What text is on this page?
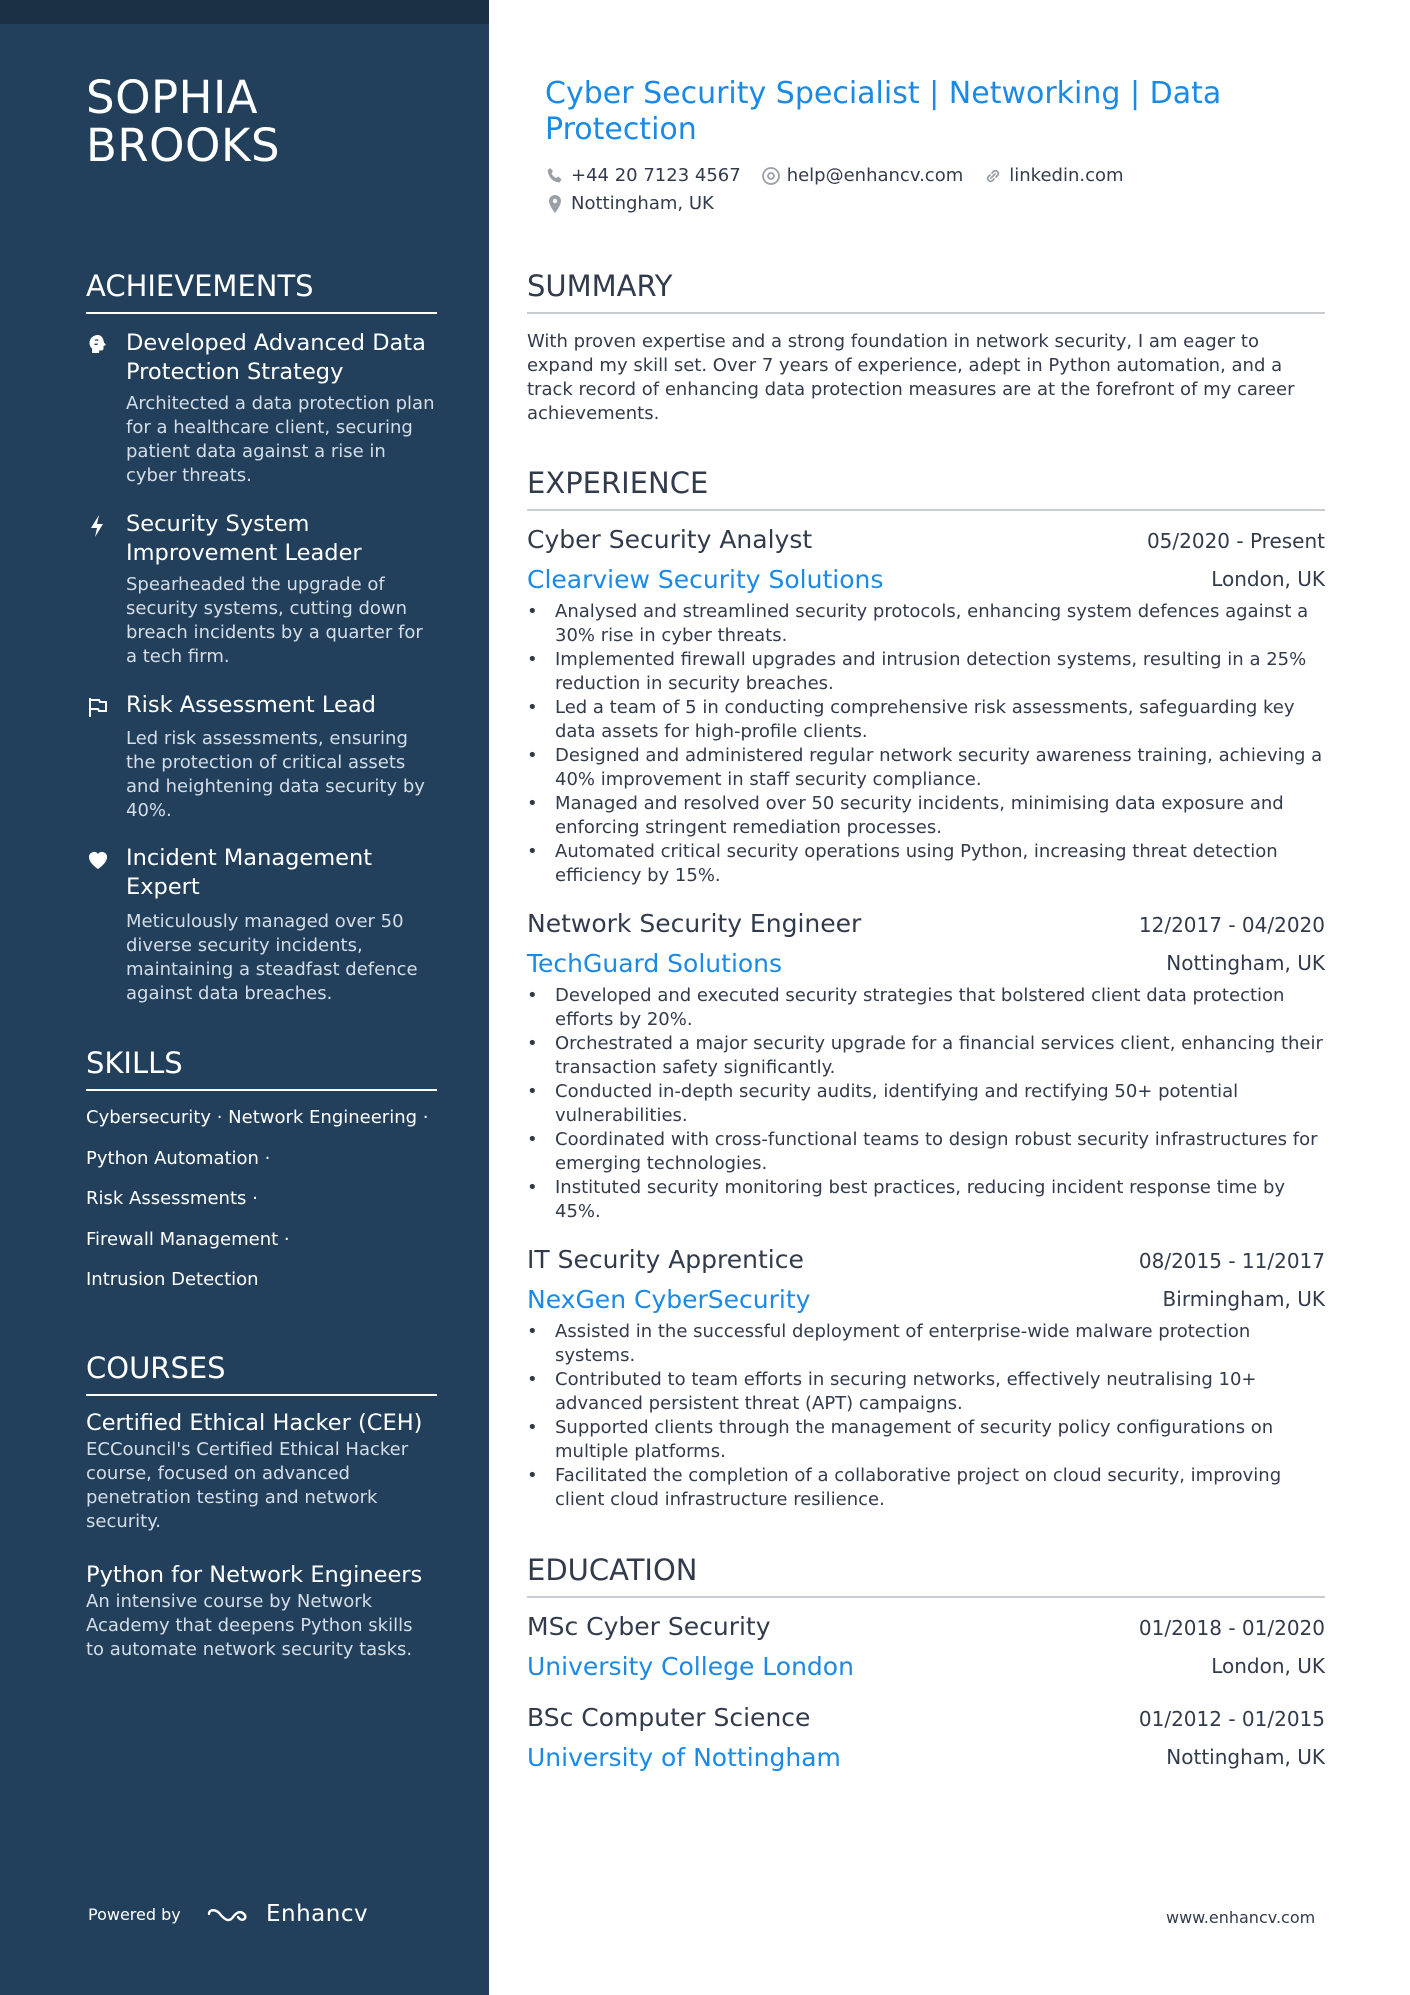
SOPHIA
BROOKS
ACHIEVEMENTS
Developed Advanced Data Protection Strategy
Architected a data protection plan for a healthcare client, securing patient data against a rise in cyber threats.
Security System Improvement Leader
Spearheaded the upgrade of security systems, cutting down breach incidents by a quarter for a tech firm.
Risk Assessment Lead
Led risk assessments, ensuring the protection of critical assets and heightening data security by 40%.
Incident Management Expert
Meticulously managed over 50 diverse security incidents, maintaining a steadfast defence against data breaches.
SKILLS
Cybersecurity · Network Engineering ·
Python Automation ·
Risk Assessments ·
Firewall Management ·
Intrusion Detection
COURSES
Certified Ethical Hacker (CEH)
ECCouncil's Certified Ethical Hacker course, focused on advanced penetration testing and network security.
Python for Network Engineers
An intensive course by Network Academy that deepens Python skills to automate network security tasks.
Powered by	Enhancv
Cyber Security Specialist | Networking | Data
Protection
+44 20 7123 4567	help@enhancv.com	linkedin.com
Nottingham, UK
SUMMARY
With proven expertise and a strong foundation in network security, I am eager to expand my skill set. Over 7 years of experience, adept in Python automation, and a track record of enhancing data protection measures are at the forefront of my career achievements.
EXPERIENCE
Cyber Security Analyst	05/2020 - Present
Clearview Security Solutions	London, UK
• Analysed and streamlined security protocols, enhancing system defences against a 30% rise in cyber threats.
• Implemented firewall upgrades and intrusion detection systems, resulting in a 25% reduction in security breaches.
• Led a team of 5 in conducting comprehensive risk assessments, safeguarding key data assets for high-profile clients.
• Designed and administered regular network security awareness training, achieving a 40% improvement in staff security compliance.
• Managed and resolved over 50 security incidents, minimising data exposure and enforcing stringent remediation processes.
• Automated critical security operations using Python, increasing threat detection efficiency by 15%.
Network Security Engineer	12/2017 - 04/2020
TechGuard Solutions	Nottingham, UK
• Developed and executed security strategies that bolstered client data protection efforts by 20%.
• Orchestrated a major security upgrade for a financial services client, enhancing their transaction safety significantly.
• Conducted in-depth security audits, identifying and rectifying 50+ potential vulnerabilities.
• Coordinated with cross-functional teams to design robust security infrastructures for emerging technologies.
• Instituted security monitoring best practices, reducing incident response time by 45%.
IT Security Apprentice	08/2015 - 11/2017
NexGen CyberSecurity	Birmingham, UK
• Assisted in the successful deployment of enterprise-wide malware protection systems.
• Contributed to team efforts in securing networks, effectively neutralising 10+ advanced persistent threat (APT) campaigns.
• Supported clients through the management of security policy configurations on multiple platforms.
• Facilitated the completion of a collaborative project on cloud security, improving client cloud infrastructure resilience.
EDUCATION
MSc Cyber Security	01/2018 - 01/2020
University College London	London, UK
BSc Computer Science	01/2012 - 01/2015
University of Nottingham	Nottingham, UK
www.enhancv.com
